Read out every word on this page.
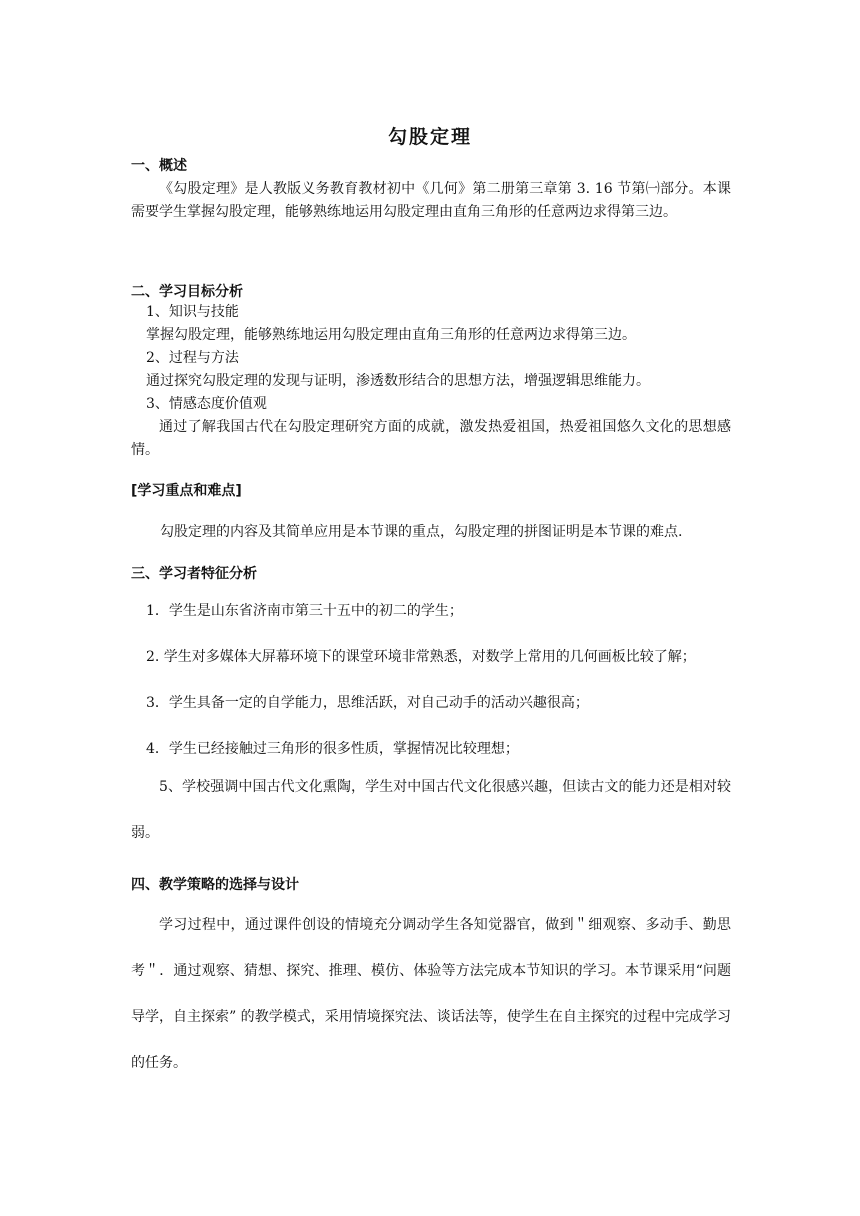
勾股定理
一、概述
《勾股定理》是人教版义务教育教材初中《几何》第二册第三章第 3. 16 节第㈠部分。本课需要学生掌握勾股定理，能够熟练地运用勾股定理由直角三角形的任意两边求得第三边。
二、学习目标分析
1、知识与技能
掌握勾股定理，能够熟练地运用勾股定理由直角三角形的任意两边求得第三边。
2、过程与方法
通过探究勾股定理的发现与证明，渗透数形结合的思想方法，增强逻辑思维能力。
3、情感态度价值观
通过了解我国古代在勾股定理研究方面的成就，激发热爱祖国，热爱祖国悠久文化的思想感情。
[学习重点和难点]
勾股定理的内容及其简单应用是本节课的重点，勾股定理的拼图证明是本节课的难点.
三、学习者特征分析
1．学生是山东省济南市第三十五中的初二的学生；
2. 学生对多媒体大屏幕环境下的课堂环境非常熟悉，对数学上常用的几何画板比较了解；
3．学生具备一定的自学能力，思维活跃，对自己动手的活动兴趣很高；
4．学生已经接触过三角形的很多性质，掌握情况比较理想；
5、学校强调中国古代文化熏陶，学生对中国古代文化很感兴趣，但读古文的能力还是相对较弱。
四、教学策略的选择与设计
学习过程中，通过课件创设的情境充分调动学生各知觉器官，做到＂细观察、多动手、勤思考＂．通过观察、猜想、探究、推理、模仿、体验等方法完成本节知识的学习。本节课采用“问题导学，自主探索” 的教学模式，采用情境探究法、谈话法等，使学生在自主探究的过程中完成学习的任务。
